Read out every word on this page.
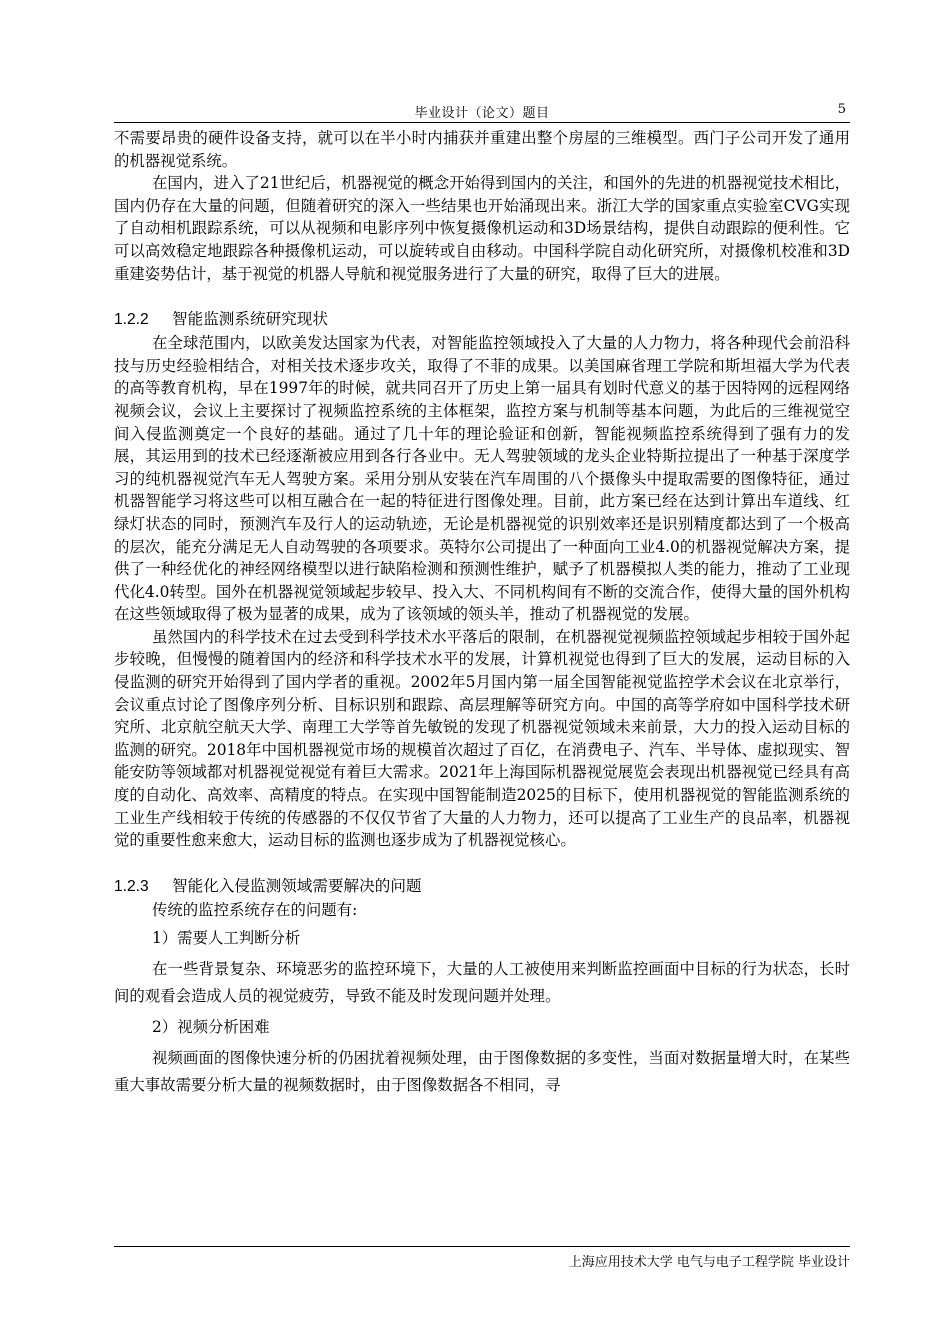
毕业设计（论文）题目	5

不需要昂贵的硬件设备支持，就可以在半小时内捕获并重建出整个房屋的三维模型。西门子公司开发了通用的机器视觉系统。

在国内，进入了21世纪后，机器视觉的概念开始得到国内的关注，和国外的先进的机器视觉技术相比，国内仍存在大量的问题，但随着研究的深入一些结果也开始涌现出来。浙江大学的国家重点实验室CVG实现了自动相机跟踪系统，可以从视频和电影序列中恢复摄像机运动和3D场景结构，提供自动跟踪的便利性。它可以高效稳定地跟踪各种摄像机运动，可以旋转或自由移动。中国科学院自动化研究所，对摄像机校准和3D重建姿势估计，基于视觉的机器人导航和视觉服务进行了大量的研究，取得了巨大的进展。

1.2.2 智能监测系统研究现状

在全球范围内，以欧美发达国家为代表，对智能监控领域投入了大量的人力物力，将各种现代会前沿科技与历史经验相结合，对相关技术逐步攻关，取得了不菲的成果。以美国麻省理工学院和斯坦福大学为代表的高等教育机构，早在1997年的时候，就共同召开了历史上第一届具有划时代意义的基于因特网的远程网络视频会议，会议上主要探讨了视频监控系统的主体框架，监控方案与机制等基本问题，为此后的三维视觉空间入侵监测奠定一个良好的基础。通过了几十年的理论验证和创新，智能视频监控系统得到了强有力的发展，其运用到的技术已经逐渐被应用到各行各业中。无人驾驶领域的龙头企业特斯拉提出了一种基于深度学习的纯机器视觉汽车无人驾驶方案。采用分别从安装在汽车周围的八个摄像头中提取需要的图像特征，通过机器智能学习将这些可以相互融合在一起的特征进行图像处理。目前，此方案已经在达到计算出车道线、红绿灯状态的同时，预测汽车及行人的运动轨迹，无论是机器视觉的识别效率还是识别精度都达到了一个极高的层次，能充分满足无人自动驾驶的各项要求。英特尔公司提出了一种面向工业4.0的机器视觉解决方案，提供了一种经优化的神经网络模型以进行缺陷检测和预测性维护，赋予了机器模拟人类的能力，推动了工业现代化4.0转型。国外在机器视觉领域起步较早、投入大、不同机构间有不断的交流合作，使得大量的国外机构在这些领域取得了极为显著的成果，成为了该领域的领头羊，推动了机器视觉的发展。

虽然国内的科学技术在过去受到科学技术水平落后的限制，在机器视觉视频监控领域起步相较于国外起步较晚，但慢慢的随着国内的经济和科学技术水平的发展，计算机视觉也得到了巨大的发展，运动目标的入侵监测的研究开始得到了国内学者的重视。2002年5月国内第一届全国智能视觉监控学术会议在北京举行，会议重点讨论了图像序列分析、目标识别和跟踪、高层理解等研究方向。中国的高等学府如中国科学技术研究所、北京航空航天大学、南理工大学等首先敏锐的发现了机器视觉领域未来前景，大力的投入运动目标的监测的研究。2018年中国机器视觉市场的规模首次超过了百亿，在消费电子、汽车、半导体、虚拟现实、智能安防等领域都对机器视觉视觉有着巨大需求。2021年上海国际机器视觉展览会表现出机器视觉已经具有高度的自动化、高效率、高精度的特点。在实现中国智能制造2025的目标下，使用机器视觉的智能监测系统的工业生产线相较于传统的传感器的不仅仅节省了大量的人力物力，还可以提高了工业生产的良品率，机器视觉的重要性愈来愈大，运动目标的监测也逐步成为了机器视觉核心。

1.2.3 智能化入侵监测领域需要解决的问题

传统的监控系统存在的问题有:

1）需要人工判断分析

在一些背景复杂、环境恶劣的监控环境下，大量的人工被使用来判断监控画面中目标的行为状态，长时间的观看会造成人员的视觉疲劳，导致不能及时发现问题并处理。

2）视频分析困难

视频画面的图像快速分析的仍困扰着视频处理，由于图像数据的多变性，当面对数据量增大时，在某些重大事故需要分析大量的视频数据时，由于图像数据各不相同，寻

上海应用技术大学 电气与电子工程学院 毕业设计
